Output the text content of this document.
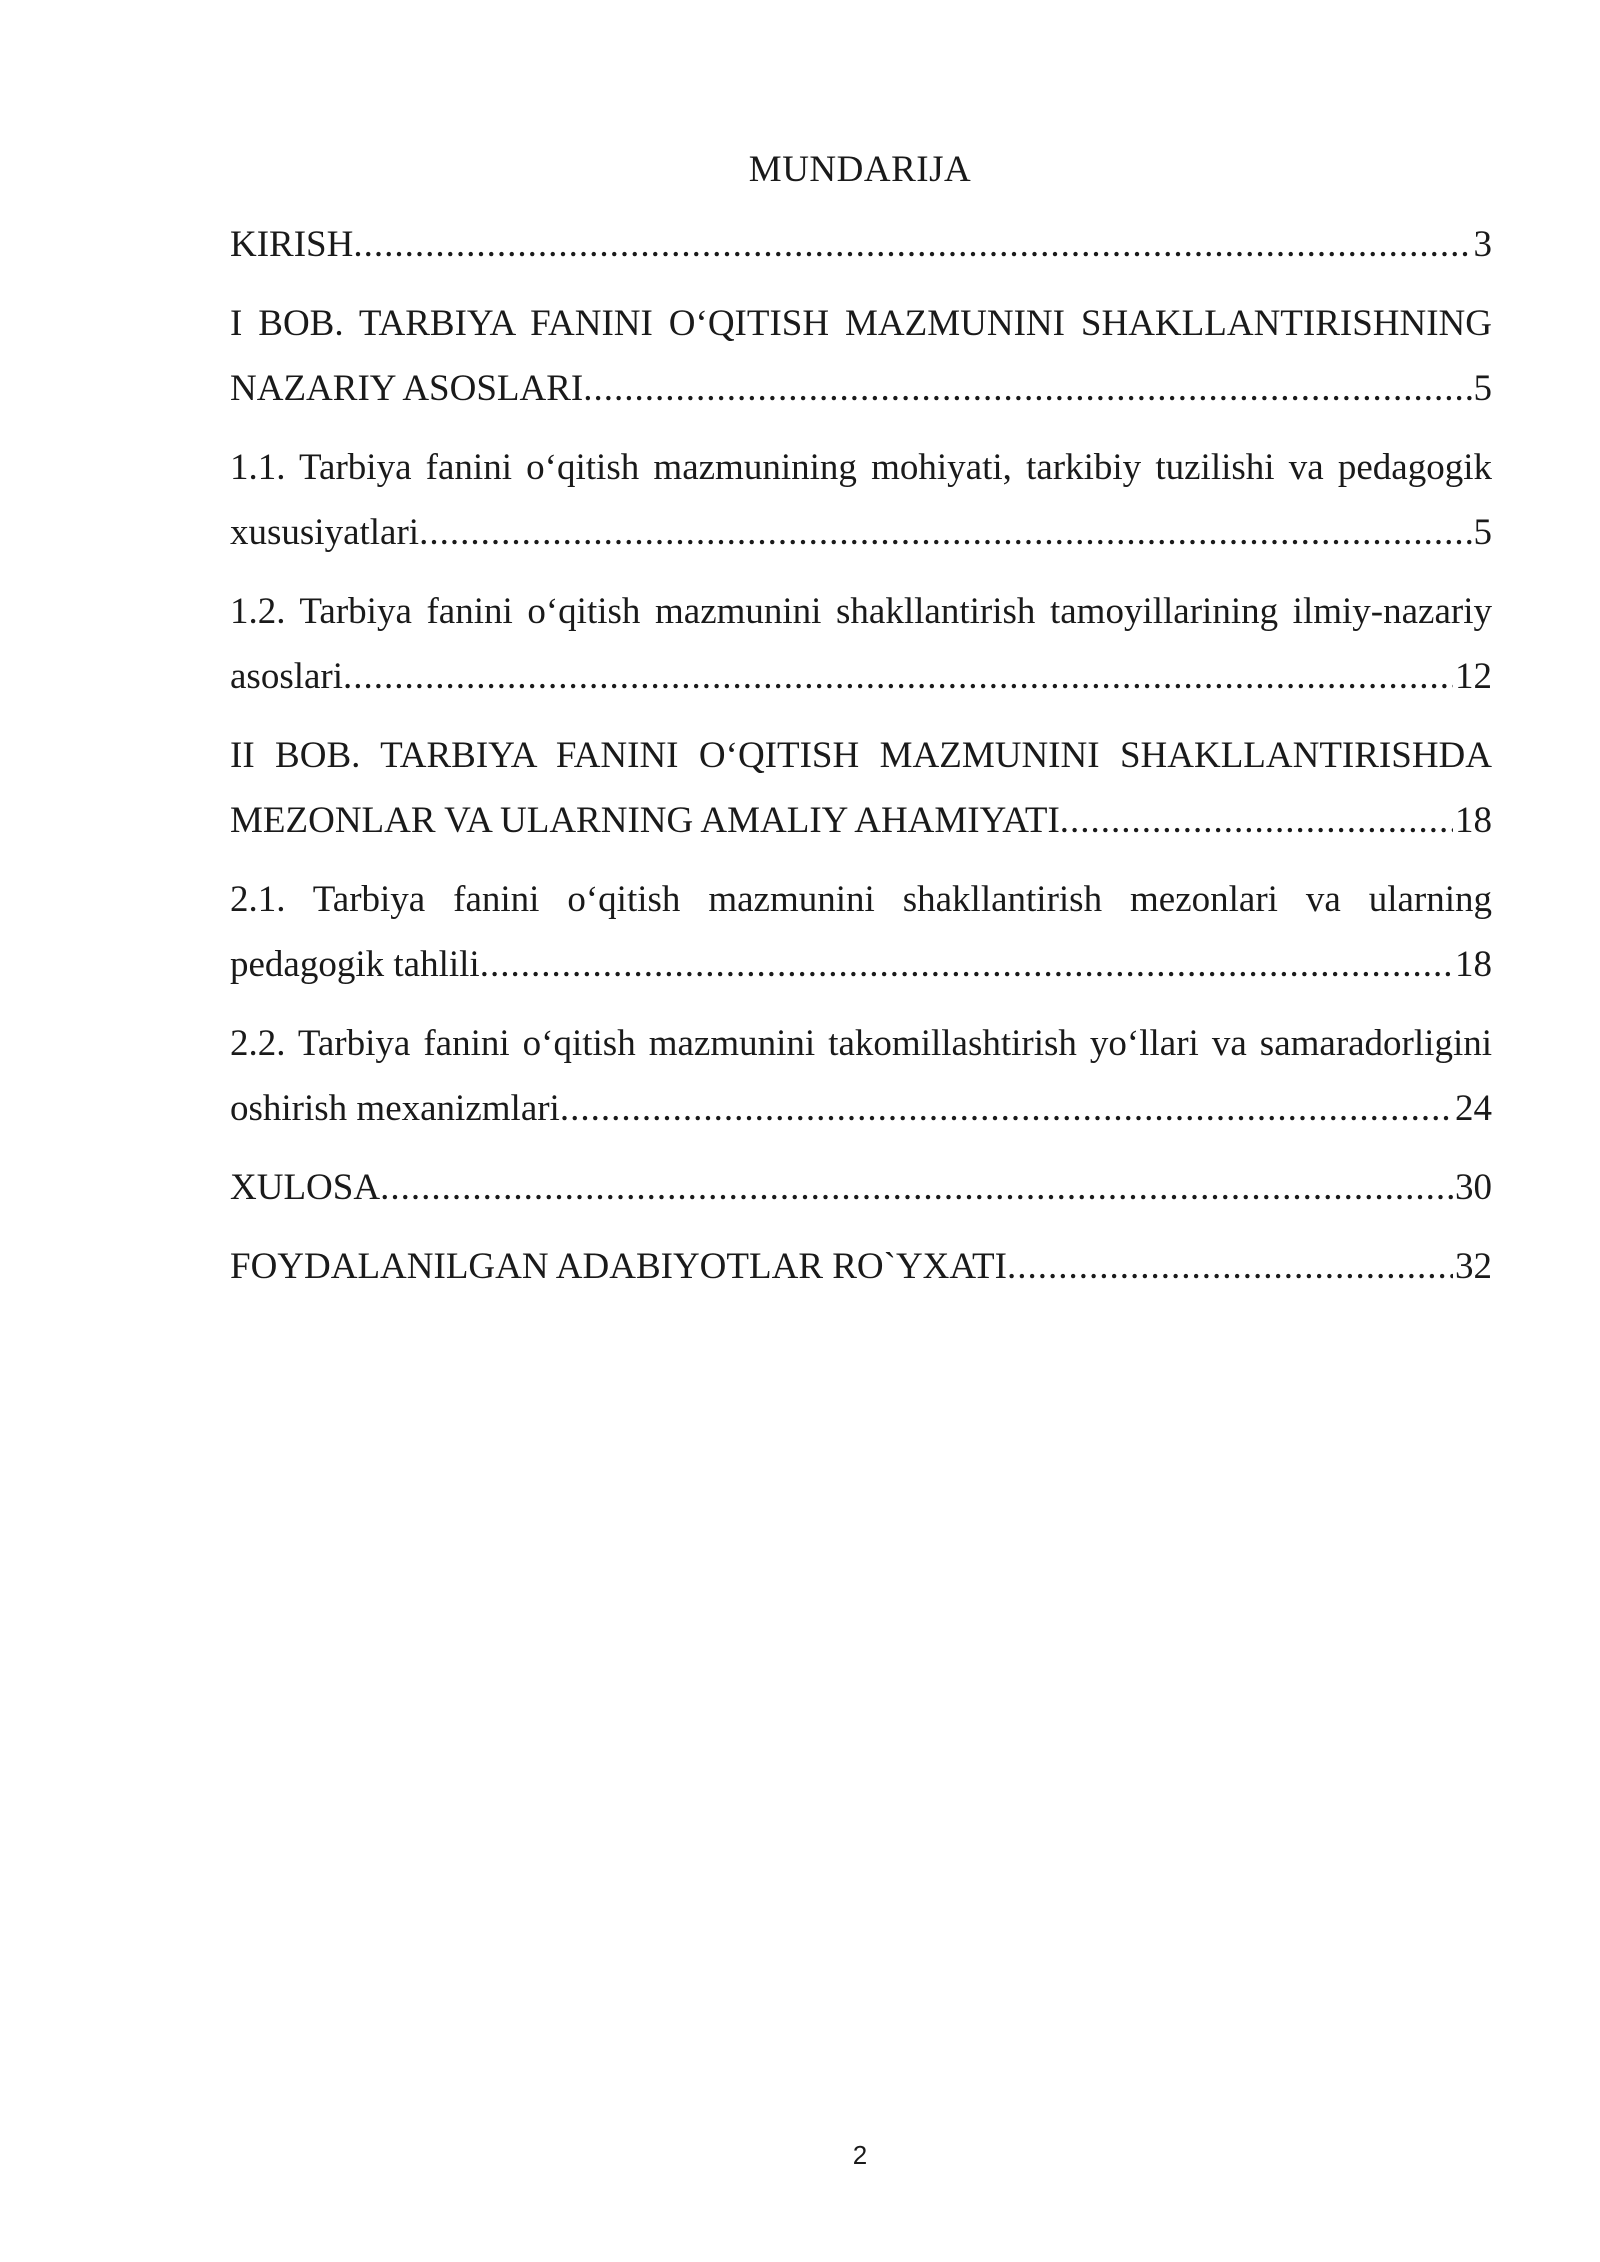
MUNDARIJA
KIRISH .....	3
I BOB. TARBIYA FANINI O‘QITISH MAZMUNINI SHAKLLANTIRISHNING
NAZARIY ASOSLARI .....	5
1.1. Tarbiya fanini o‘qitish mazmunining mohiyati, tarkibiy tuzilishi va pedagogik
xususiyatlari .....	5
1.2. Tarbiya fanini o‘qitish mazmunini shakllantirish tamoyillarining ilmiy-nazariy
asoslari .....	12
II BOB. TARBIYA FANINI O‘QITISH MAZMUNINI SHAKLLANTIRISHDA
MEZONLAR VA ULARNING AMALIY AHAMIYATI .....	18
2.1. Tarbiya fanini o‘qitish mazmunini shakllantirish mezonlari va ularning
pedagogik tahlili .....	18
2.2. Tarbiya fanini o‘qitish mazmunini takomillashtirish yo‘llari va samaradorligini
oshirish mexanizmlari .....	24
XULOSA .....	30
FOYDALANILGAN ADABIYOTLAR RO`YXATI .....	32
2
